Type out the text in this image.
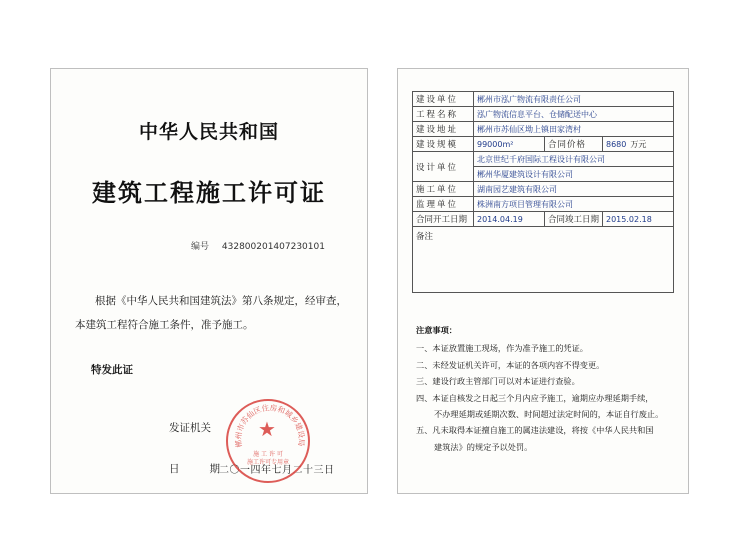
中华人民共和国
建筑工程施工许可证
编号 432800201407230101
根据《中华人民共和国建筑法》第八条规定，经审查，本建筑工程符合施工条件，准予施工。
特发此证
发证机关
日	期 二〇一四年七月二十三日
郴州市苏仙区住房和城乡建设局
★
施 工 许 可
施工许可专用章
建设单位	郴州市泓广物流有限责任公司		
工程名称	泓广物流信息平台、仓储配送中心		
建设地址	郴州市苏仙区坳上镇田家湾村		
建设规模	99000m²	合同价格	8680 万元
设计单位	北京世纪千府国际工程设计有限公司		
	郴州华厦建筑设计有限公司		
施工单位	湖南园艺建筑有限公司		
监理单位	株洲南方项目管理有限公司		
合同开工日期	2014.04.19	合同竣工日期	2015.02.18
备注			
注意事项：
一、本证放置施工现场，作为准予施工的凭证。
二、未经发证机关许可，本证的各项内容不得变更。
三、建设行政主管部门可以对本证进行查验。
四、本证自核发之日起三个月内应予施工，逾期应办理延期手续，
不办理延期或延期次数、时间超过法定时间的，本证自行废止。
五、凡未取得本证擅自施工的属违法建设，将按《中华人民共和国
建筑法》的规定予以处罚。
